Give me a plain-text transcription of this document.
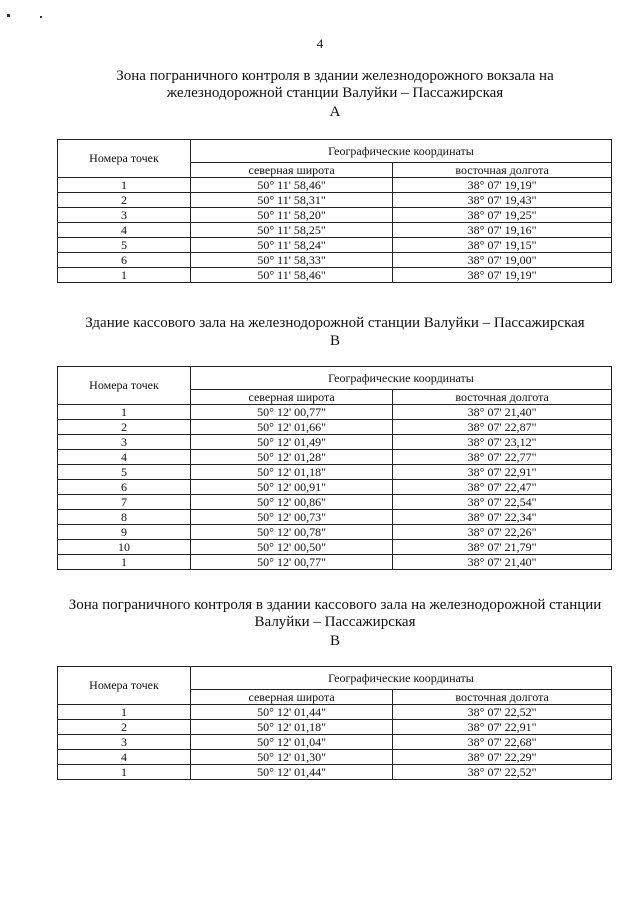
4
Зона пограничного контроля в здании железнодорожного вокзала на
железнодорожной станции Валуйки – Пассажирская
А
Номера точек	Географические координаты	
	северная широта	восточная долгота
1	50° 11' 58,46"	38° 07' 19,19"
2	50° 11' 58,31"	38° 07' 19,43"
3	50° 11' 58,20"	38° 07' 19,25"
4	50° 11' 58,25"	38° 07' 19,16"
5	50° 11' 58,24"	38° 07' 19,15"
6	50° 11' 58,33"	38° 07' 19,00"
1	50° 11' 58,46"	38° 07' 19,19"
Здание кассового зала на железнодорожной станции Валуйки – Пассажирская
В
Номера точек	Географические координаты	
	северная широта	восточная долгота
1	50° 12' 00,77"	38° 07' 21,40"
2	50° 12' 01,66"	38° 07' 22,87"
3	50° 12' 01,49"	38° 07' 23,12"
4	50° 12' 01,28"	38° 07' 22,77"
5	50° 12' 01,18"	38° 07' 22,91"
6	50° 12' 00,91"	38° 07' 22,47"
7	50° 12' 00,86"	38° 07' 22,54"
8	50° 12' 00,73"	38° 07' 22,34"
9	50° 12' 00,78"	38° 07' 22,26"
10	50° 12' 00,50"	38° 07' 21,79"
1	50° 12' 00,77"	38° 07' 21,40"
Зона пограничного контроля в здании кассового зала на железнодорожной станции
Валуйки – Пассажирская
В
Номера точек	Географические координаты	
	северная широта	восточная долгота
1	50° 12' 01,44"	38° 07' 22,52"
2	50° 12' 01,18"	38° 07' 22,91"
3	50° 12' 01,04"	38° 07' 22,68"
4	50° 12' 01,30"	38° 07' 22,29"
1	50° 12' 01,44"	38° 07' 22,52"
